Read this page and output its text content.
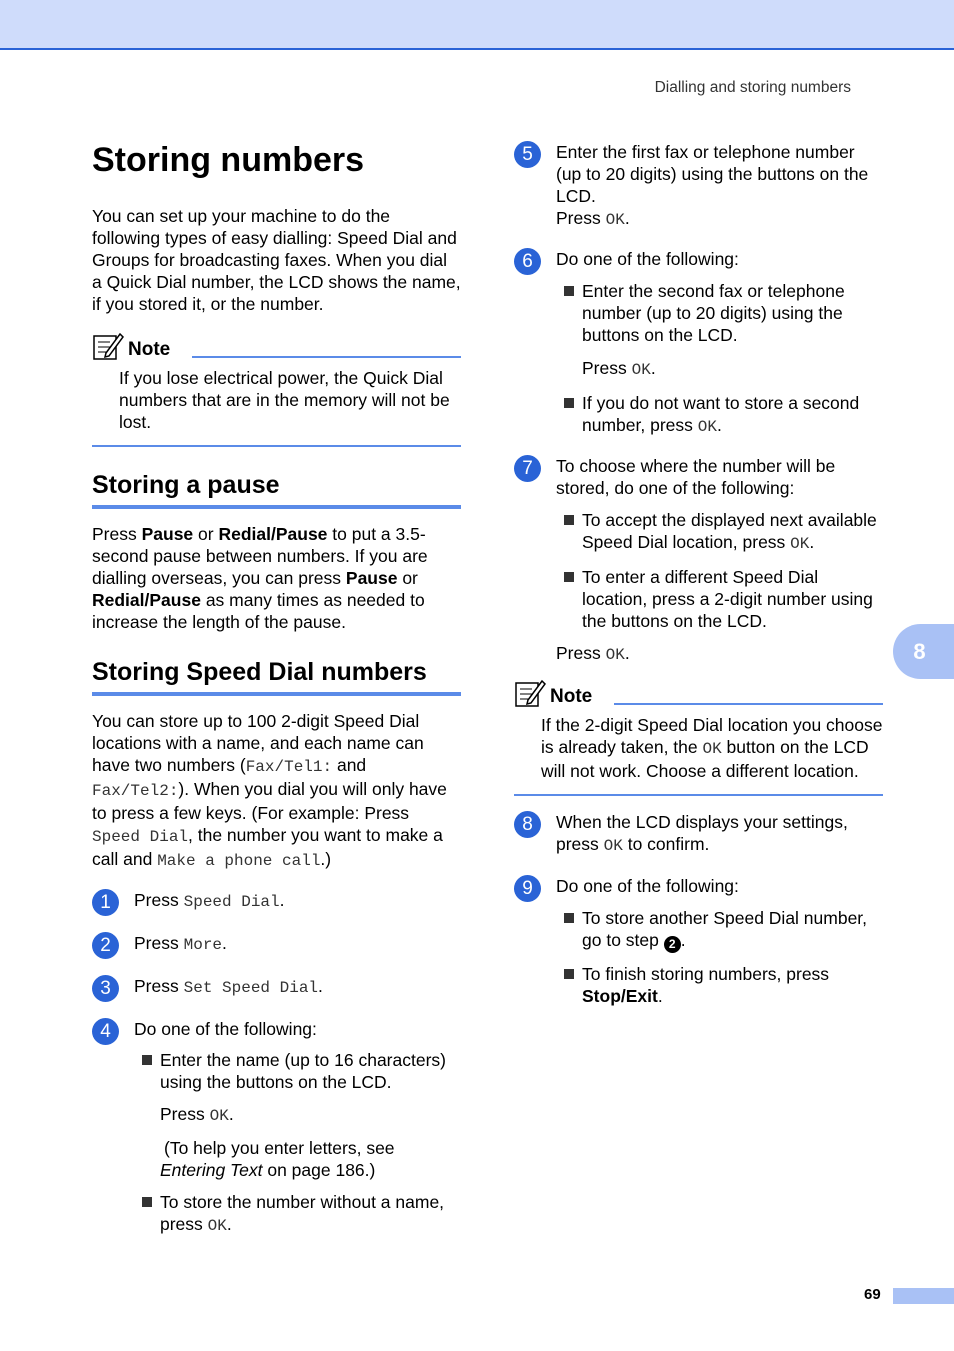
Dialling and storing numbers
8
Storing numbers

You can set up your machine to do the following types of easy dialling: Speed Dial and Groups for broadcasting faxes. When you dial a Quick Dial number, the LCD shows the name, if you stored it, or the number.

Note

If you lose electrical power, the Quick Dial numbers that are in the memory will not be lost.

Storing a pause

Press Pause or Redial/Pause to put a 3.5-second pause between numbers. If you are dialling overseas, you can press Pause or Redial/Pause as many times as needed to increase the length of the pause.

Storing Speed Dial numbers

You can store up to 100 2-digit Speed Dial locations with a name, and each name can have two numbers (Fax/Tel1: and Fax/Tel2:). When you dial you will only have to press a few keys. (For example: Press Speed Dial, the number you want to make a call and Make a phone call.)

1	Press Speed Dial.
2	Press More.
3	Press Set Speed Dial.
4	Do one of the following:
Enter the name (up to 16 characters) using the buttons on the LCD.
Press OK.
(To help you enter letters, see
Entering Text on page 186.)
To store the number without a name, press OK.
5	Enter the first fax or telephone number (up to 20 digits) using the buttons on the LCD.
Press OK.
6	Do one of the following:
Enter the second fax or telephone number (up to 20 digits) using the buttons on the LCD.
Press OK.
If you do not want to store a second number, press OK.
7	To choose where the number will be stored, do one of the following:
To accept the displayed next available Speed Dial location, press OK.
To enter a different Speed Dial location, press a 2-digit number using the buttons on the LCD.
Press OK.
Note

If the 2-digit Speed Dial location you choose is already taken, the OK button on the LCD will not work. Choose a different location.

8	When the LCD displays your settings, press OK to confirm.
9	Do one of the following:
To store another Speed Dial number, go to step 2 .
To finish storing numbers, press Stop/Exit.
69
